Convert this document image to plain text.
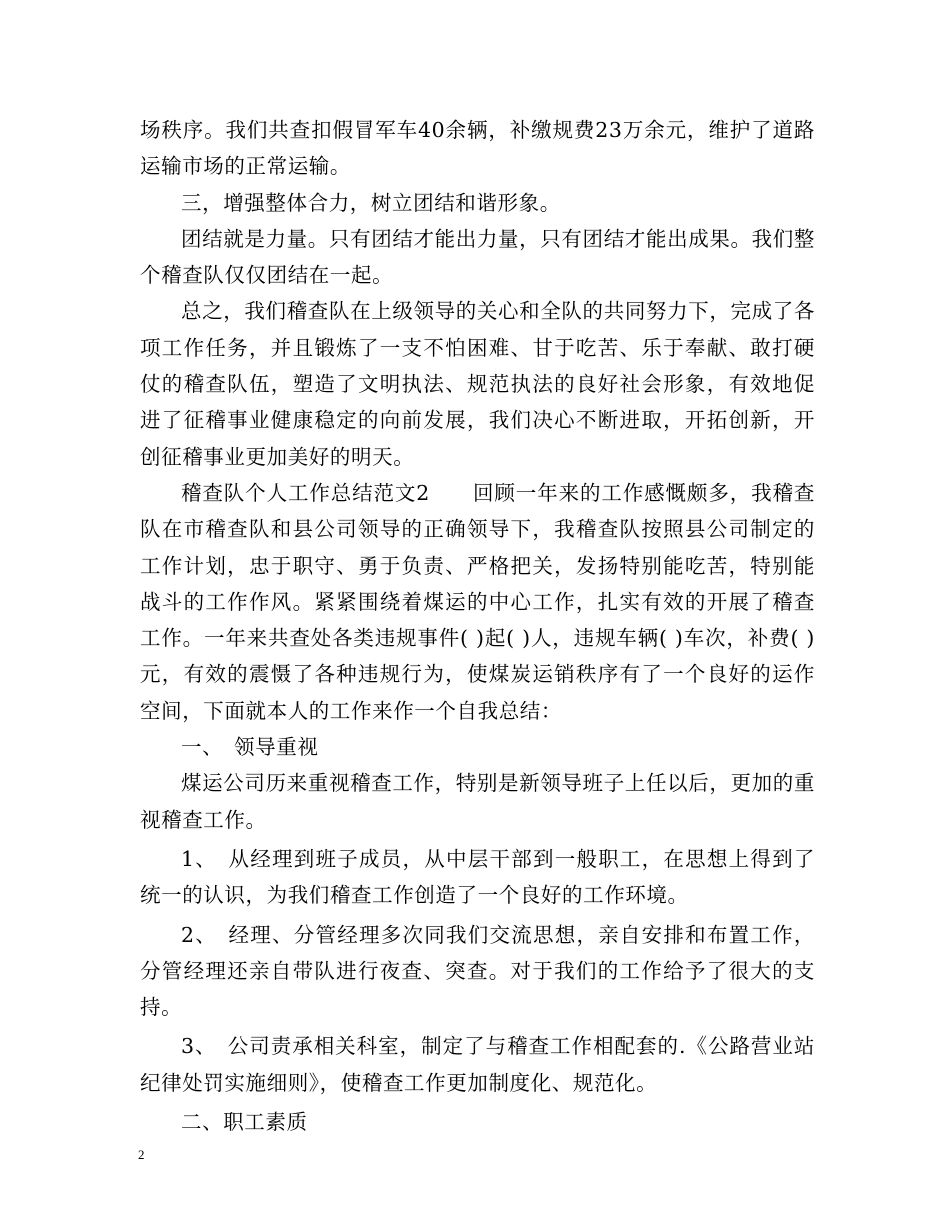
场秩序。我们共查扣假冒军车40余辆，补缴规费23万余元，维护了道路运输市场的正常运输。

三，增强整体合力，树立团结和谐形象。

团结就是力量。只有团结才能出力量，只有团结才能出成果。我们整个稽查队仅仅团结在一起。

总之，我们稽查队在上级领导的关心和全队的共同努力下，完成了各项工作任务，并且锻炼了一支不怕困难、甘于吃苦、乐于奉献、敢打硬仗的稽查队伍，塑造了文明执法、规范执法的良好社会形象，有效地促进了征稽事业健康稳定的向前发展，我们决心不断进取，开拓创新，开创征稽事业更加美好的明天。

稽查队个人工作总结范文2　　回顾一年来的工作感慨颇多，我稽查队在市稽查队和县公司领导的正确领导下，我稽查队按照县公司制定的工作计划，忠于职守、勇于负责、严格把关，发扬特别能吃苦，特别能战斗的工作作风。紧紧围绕着煤运的中心工作，扎实有效的开展了稽查工作。一年来共查处各类违规事件( )起( )人，违规车辆( )车次，补费( )元，有效的震慑了各种违规行为，使煤炭运销秩序有了一个良好的运作空间，下面就本人的工作来作一个自我总结：

一、　领导重视

煤运公司历来重视稽查工作，特别是新领导班子上任以后，更加的重视稽查工作。

1、　从经理到班子成员，从中层干部到一般职工，在思想上得到了统一的认识，为我们稽查工作创造了一个良好的工作环境。

2、　经理、分管经理多次同我们交流思想，亲自安排和布置工作，分管经理还亲自带队进行夜查、突查。对于我们的工作给予了很大的支持。

3、　公司责承相关科室，制定了与稽查工作相配套的.《公路营业站纪律处罚实施细则》，使稽查工作更加制度化、规范化。

二、职工素质

2
